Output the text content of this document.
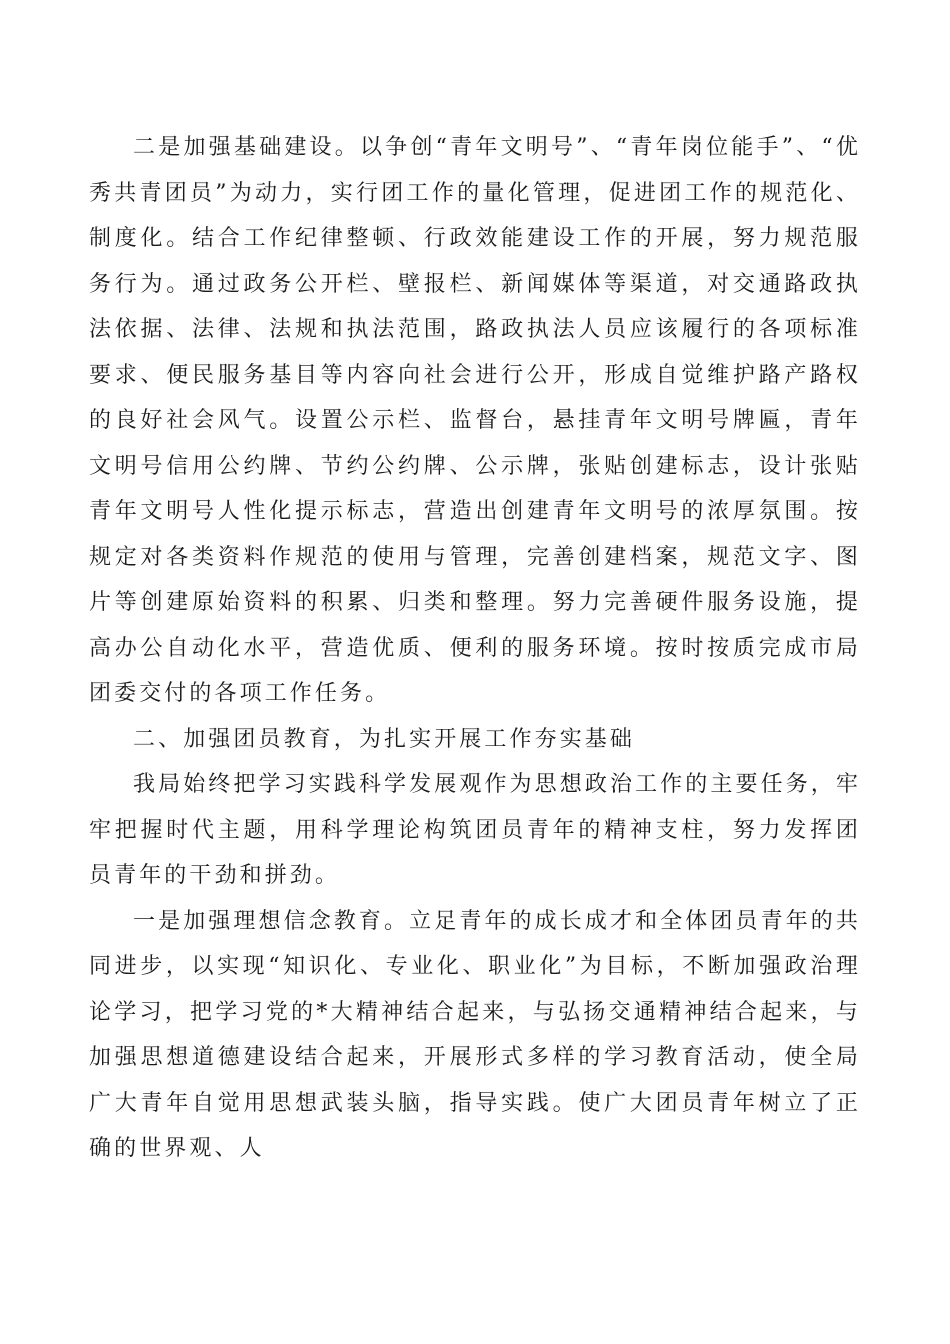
二是加强基础建设。以争创“青年文明号”、“青年岗位能手”、“优秀共青团员”为动力，实行团工作的量化管理，促进团工作的规范化、制度化。结合工作纪律整顿、行政效能建设工作的开展，努力规范服务行为。通过政务公开栏、壁报栏、新闻媒体等渠道，对交通路政执法依据、法律、法规和执法范围，路政执法人员应该履行的各项标准要求、便民服务基目等内容向社会进行公开，形成自觉维护路产路权的良好社会风气。设置公示栏、监督台，悬挂青年文明号牌匾，青年文明号信用公约牌、节约公约牌、公示牌，张贴创建标志，设计张贴青年文明号人性化提示标志，营造出创建青年文明号的浓厚氛围。按规定对各类资料作规范的使用与管理，完善创建档案，规范文字、图片等创建原始资料的积累、归类和整理。努力完善硬件服务设施，提高办公自动化水平，营造优质、便利的服务环境。按时按质完成市局团委交付的各项工作任务。

二、加强团员教育，为扎实开展工作夯实基础

我局始终把学习实践科学发展观作为思想政治工作的主要任务，牢牢把握时代主题，用科学理论构筑团员青年的精神支柱，努力发挥团员青年的干劲和拼劲。

一是加强理想信念教育。立足青年的成长成才和全体团员青年的共同进步，以实现“知识化、专业化、职业化”为目标，不断加强政治理论学习，把学习党的*大精神结合起来，与弘扬交通精神结合起来，与加强思想道德建设结合起来，开展形式多样的学习教育活动，使全局广大青年自觉用思想武装头脑，指导实践。使广大团员青年树立了正确的世界观、人
